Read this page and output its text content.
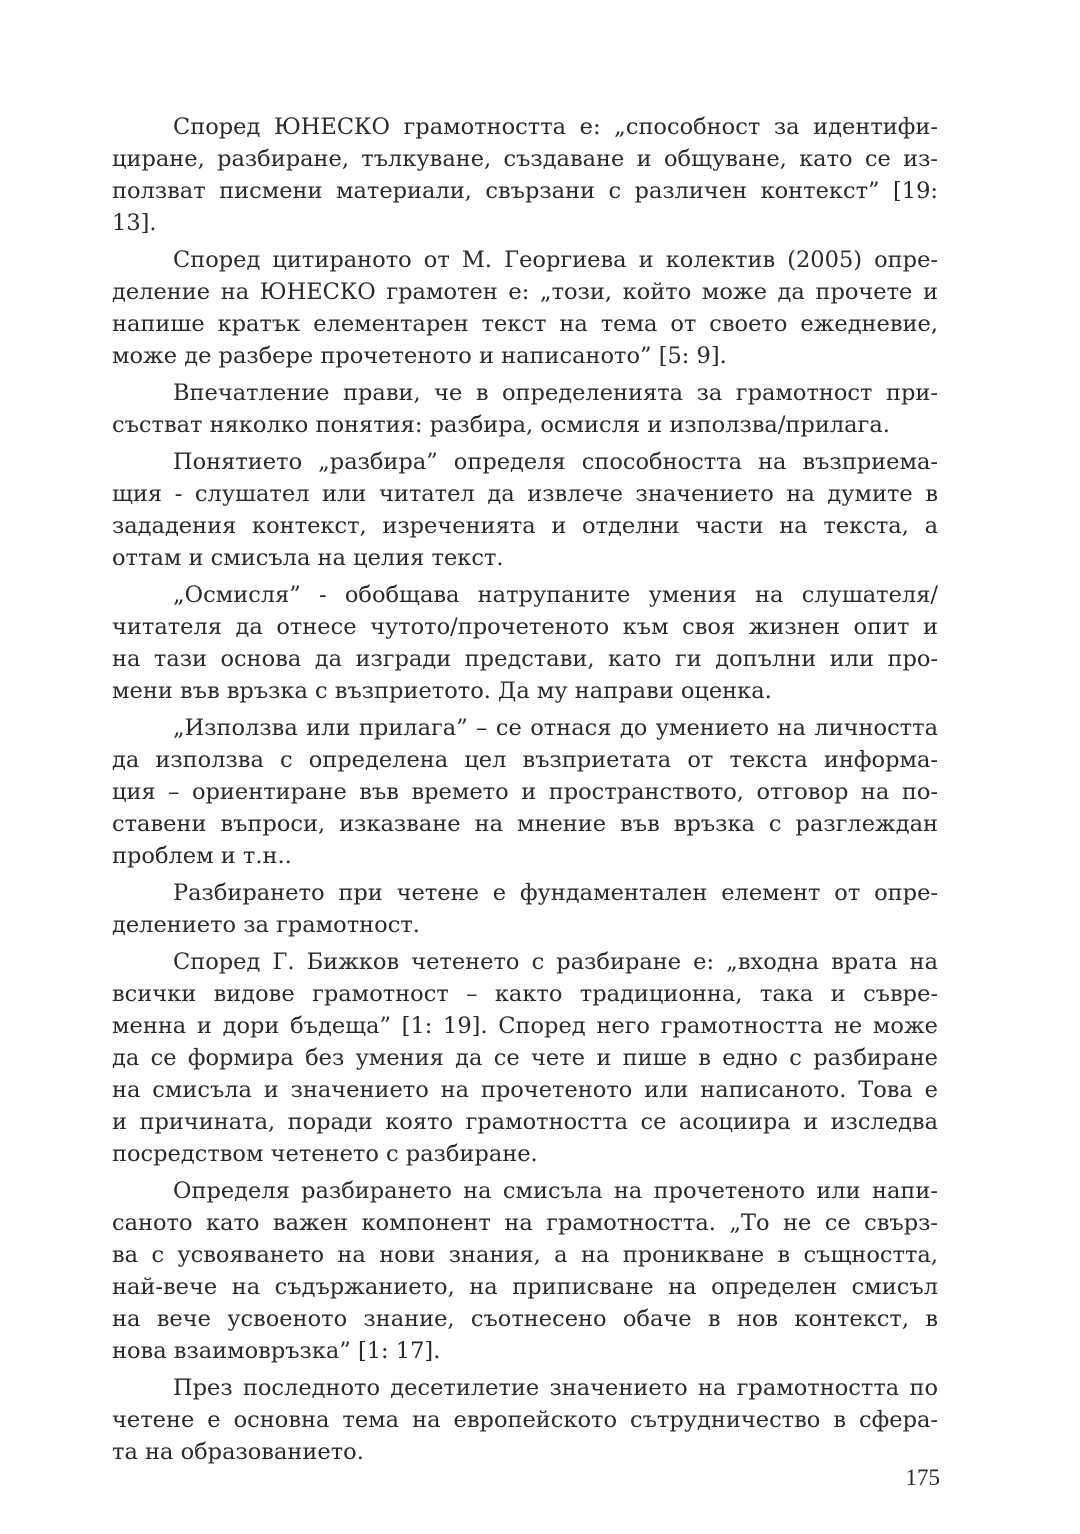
Според ЮНЕСКО грамотността е: „способност за идентифи-
циране, разбиране, тълкуване, създаване и общуване, като се из-
ползват писмени материали, свързани с различен контекст” [19:
13].
Според цитираното от М. Георгиева и колектив (2005) опре-
деление на ЮНЕСКО грамотен е: „този, който може да прочете и
напише кратък елементарен текст на тема от своето ежедневие,
може де разбере прочетеното и написаното” [5: 9].
Впечатление прави, че в определенията за грамотност при-
състват няколко понятия: разбира, осмисля и използва/прилага.
Понятието „разбира” определя способността на възприема-
щия - слушател или читател да извлече значението на думите в
зададения контекст, изреченията и отделни части на текста, а
оттам и смисъла на целия текст.
„Осмисля” - обобщава натрупаните умения на слушателя/
читателя да отнесе чутото/прочетеното към своя жизнен опит и
на тази основа да изгради представи, като ги допълни или про-
мени във връзка с възприетото. Да му направи оценка.
„Използва или прилага” – се отнася до умението на личността
да използва с определена цел възприетата от текста информа-
ция – ориентиране във времето и пространството, отговор на по-
ставени въпроси, изказване на мнение във връзка с разглеждан
проблем и т.н..
Разбирането при четене е фундаментален елемент от опре-
делението за грамотност.
Според Г. Бижков четенето с разбиране е: „входна врата на
всички видове грамотност – както традиционна, така и съвре-
менна и дори бъдеща” [1: 19]. Според него грамотността не може
да се формира без умения да се чете и пише в едно с разбиране
на смисъла и значението на прочетеното или написаното. Това е
и причината, поради която грамотността се асоциира и изследва
посредством четенето с разбиране.
Определя разбирането на смисъла на прочетеното или напи-
саното като важен компонент на грамотността. „То не се свърз-
ва с усвояването на нови знания, а на проникване в същността,
най-вече на съдържанието, на приписване на определен смисъл
на вече усвоеното знание, съотнесено обаче в нов контекст, в
нова взаимовръзка” [1: 17].
През последното десетилетие значението на грамотността по
четене е основна тема на европейското сътрудничество в сфера-
та на образованието.
175
